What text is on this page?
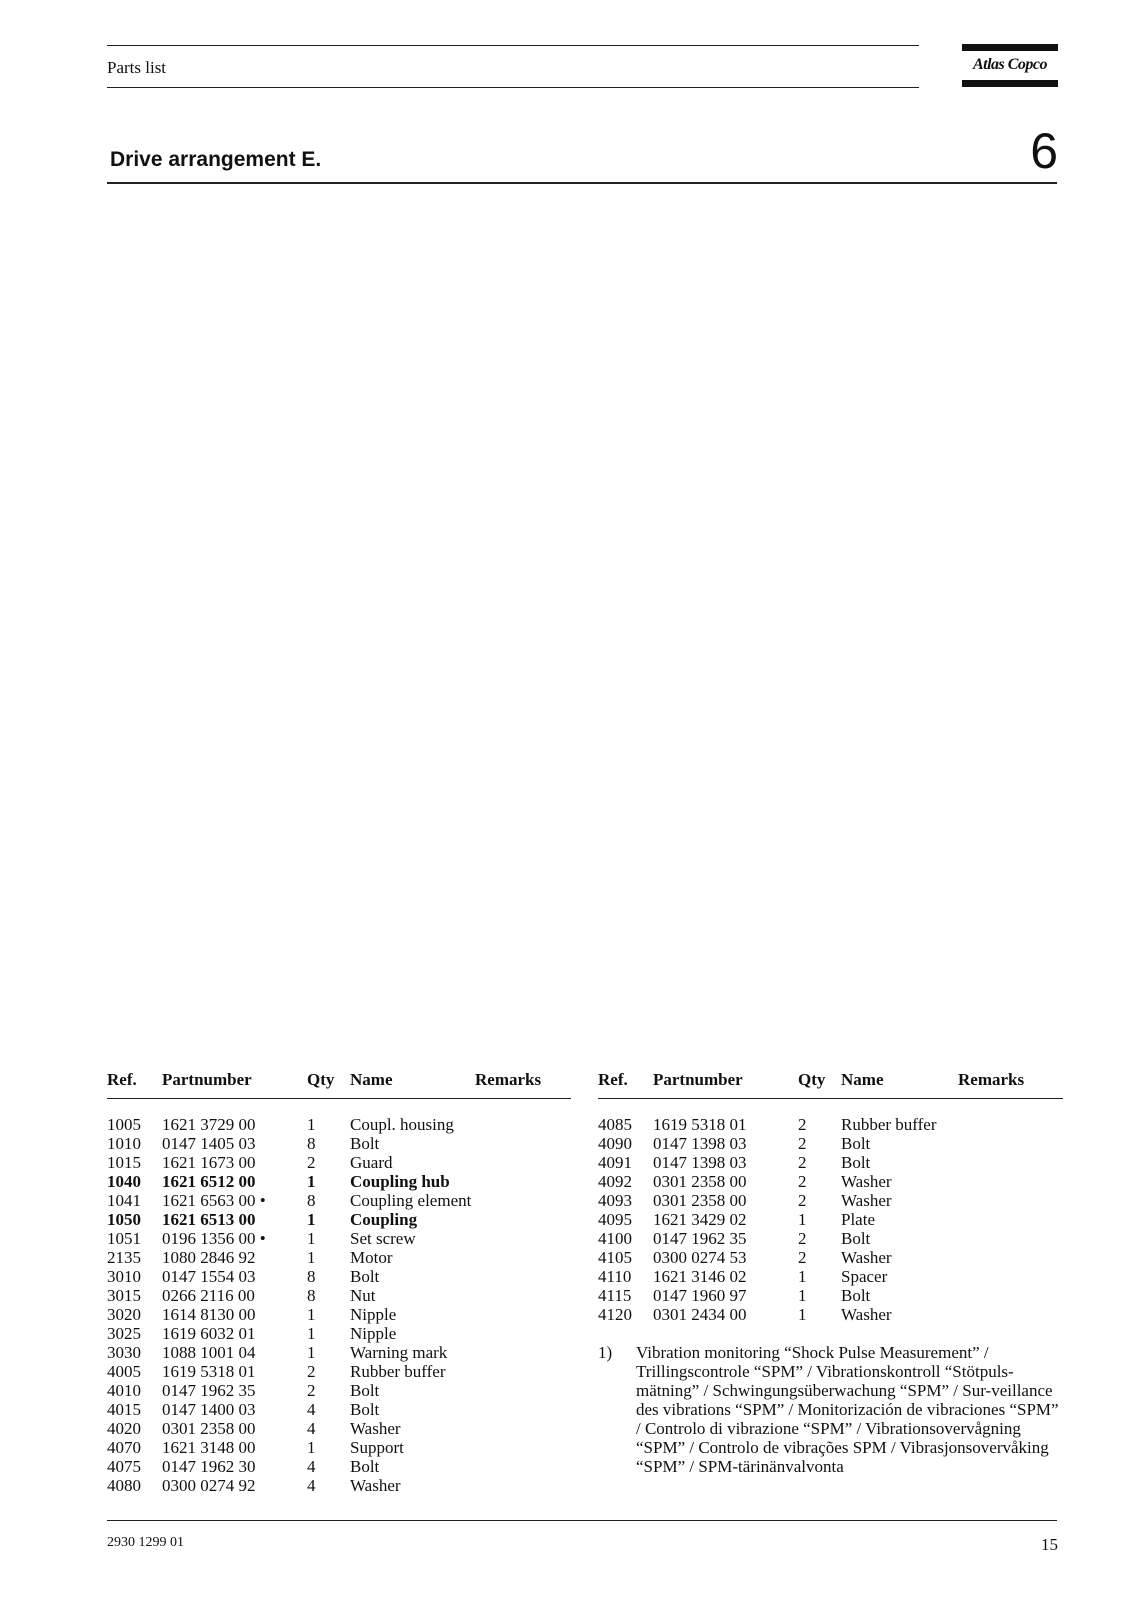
Parts list	Atlas Copco
Drive arrangement E.	6
Ref. Partnumber	Qty Name	Remarks
1005 1621 3729 00	1 Coupl. housing
1010 0147 1405 03	8 Bolt
1015 1621 1673 00	2 Guard
1040 1621 6512 00	1 Coupling hub
1041 1621 6563 00 • 8 Coupling element
1050 1621 6513 00	1 Coupling
1051 0196 1356 00 • 1 Set screw
2135 1080 2846 92	1 Motor
3010 0147 1554 03	8 Bolt
3015 0266 2116 00	8 Nut
3020 1614 8130 00	1 Nipple
3025 1619 6032 01	1 Nipple
3030 1088 1001 04	1 Warning mark
4005 1619 5318 01	2 Rubber buffer
4010 0147 1962 35	2 Bolt
4015 0147 1400 03	4 Bolt
4020 0301 2358 00	4 Washer
4070 1621 3148 00	1 Support
4075 0147 1962 30	4 Bolt
4080 0300 0274 92	4 Washer
Ref. Partnumber	Qty Name	Remarks
4085 1619 5318 01	2 Rubber buffer
4090 0147 1398 03	2 Bolt
4091 0147 1398 03	2 Bolt
4092 0301 2358 00	2 Washer
4093 0301 2358 00	2 Washer
4095 1621 3429 02	1 Plate
4100 0147 1962 35	2 Bolt
4105 0300 0274 53	2 Washer
4110 1621 3146 02	1 Spacer
4115 0147 1960 97	1 Bolt
4120 0301 2434 00	1 Washer
1) Vibration monitoring “Shock Pulse Measurement” / Trillingscontrole “SPM” / Vibrationskontroll “Stötpuls-mätning” / Schwingungsüberwachung “SPM” / Sur-veillance des vibrations “SPM” / Monitorización de vibraciones “SPM” / Controlo di vibrazione “SPM” / Vibrationsovervågning “SPM” / Controlo de vibrações SPM / Vibrasjonsovervåking “SPM” / SPM-tärinänvalvonta
2930 1299 01	15
